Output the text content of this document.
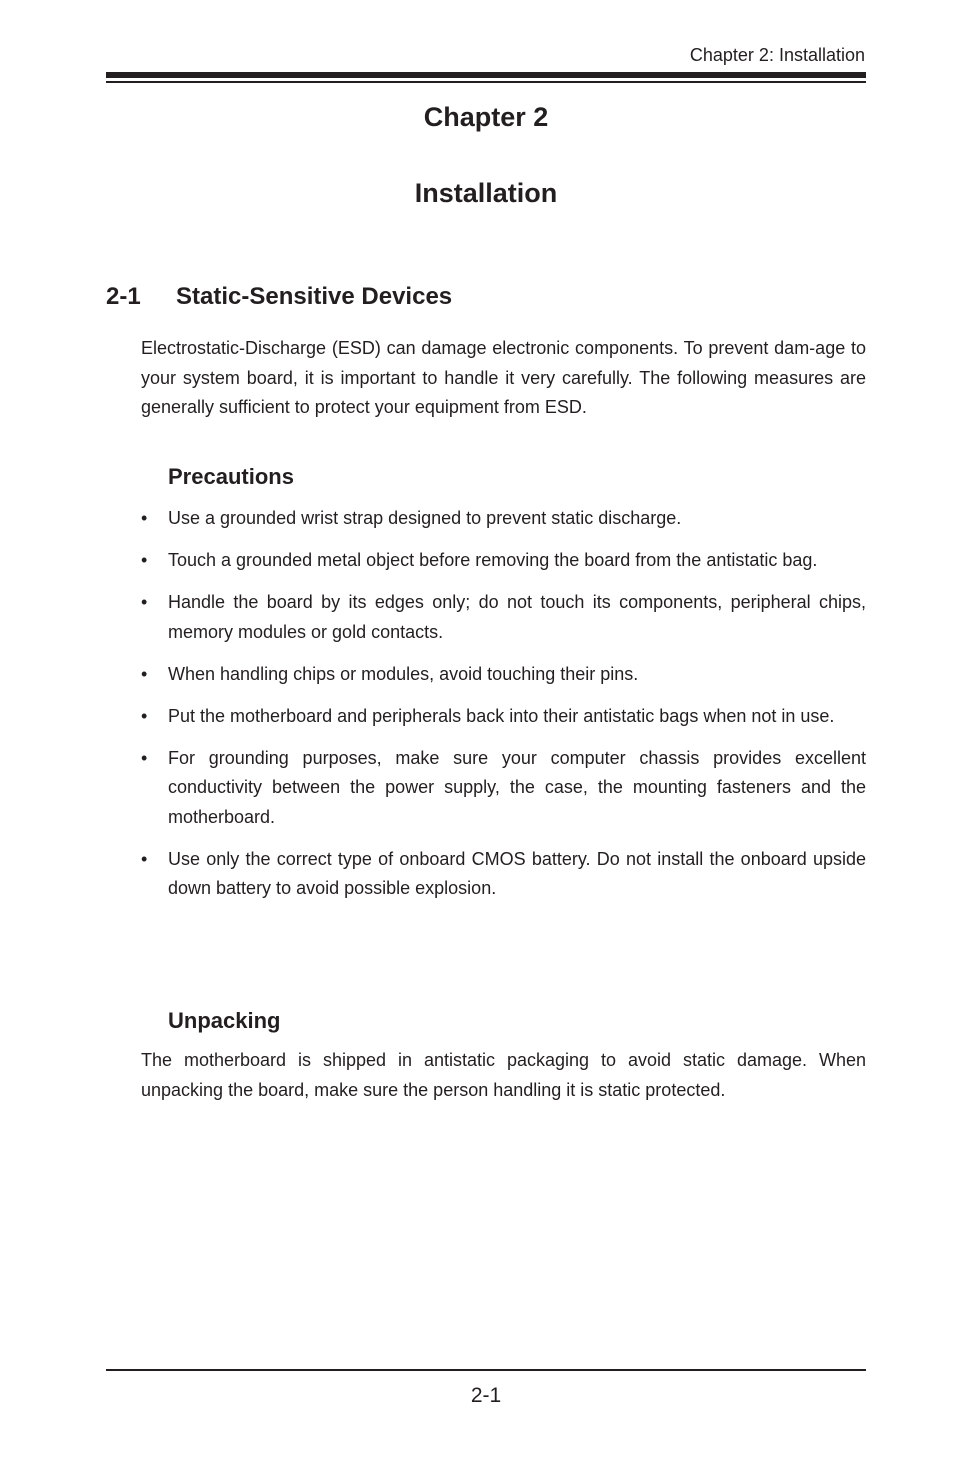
Chapter 2: Installation
Chapter 2
Installation
2-1 Static-Sensitive Devices

Electrostatic-Discharge (ESD) can damage electronic components. To prevent dam-age to your system board, it is important to handle it very carefully. The following measures are generally sufficient to protect your equipment from ESD.

Precautions
• Use a grounded wrist strap designed to prevent static discharge.
• Touch a grounded metal object before removing the board from the antistatic bag.
• Handle the board by its edges only; do not touch its components, peripheral chips, memory modules or gold contacts.
• When handling chips or modules, avoid touching their pins.
• Put the motherboard and peripherals back into their antistatic bags when not in use.
• For grounding purposes, make sure your computer chassis provides excellent conductivity between the power supply, the case, the mounting fasteners and the motherboard.
• Use only the correct type of onboard CMOS battery. Do not install the onboard upside down battery to avoid possible explosion.
Unpacking

The motherboard is shipped in antistatic packaging to avoid static damage. When unpacking the board, make sure the person handling it is static protected.

2-1
